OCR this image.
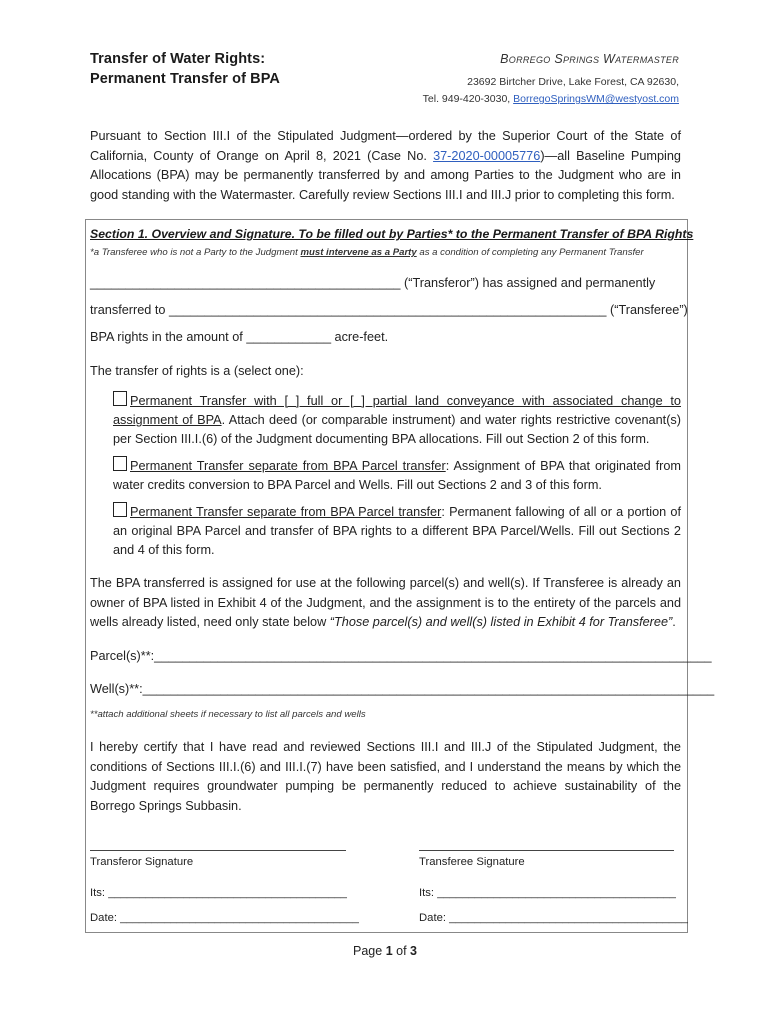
Transfer of Water Rights:
Permanent Transfer of BPA
Borrego Springs Watermaster
23692 Birtcher Drive, Lake Forest, CA 92630,
Tel. 949-420-3030, BorregoSpringsWM@westyost.com
Pursuant to Section III.I of the Stipulated Judgment—ordered by the Superior Court of the State of California, County of Orange on April 8, 2021 (Case No. 37-2020-00005776)—all Baseline Pumping Allocations (BPA) may be permanently transferred by and among Parties to the Judgment who are in good standing with the Watermaster. Carefully review Sections III.I and III.J prior to completing this form.
Section 1. Overview and Signature. To be filled out by Parties* to the Permanent Transfer of BPA Rights
*a Transferee who is not a Party to the Judgment must intervene as a Party as a condition of completing any Permanent Transfer
____________________________________________ (“Transferor”) has assigned and permanently
transferred to ______________________________________________________________ (“Transferee”)
BPA rights in the amount of ____________ acre-feet.
The transfer of rights is a (select one):
Permanent Transfer with [ ] full or [ ] partial land conveyance with associated change to assignment of BPA. Attach deed (or comparable instrument) and water rights restrictive covenant(s) per Section III.I.(6) of the Judgment documenting BPA allocations. Fill out Section 2 of this form.
Permanent Transfer separate from BPA Parcel transfer: Assignment of BPA that originated from water credits conversion to BPA Parcel and Wells. Fill out Sections 2 and 3 of this form.
Permanent Transfer separate from BPA Parcel transfer: Permanent fallowing of all or a portion of an original BPA Parcel and transfer of BPA rights to a different BPA Parcel/Wells. Fill out Sections 2 and 4 of this form.
The BPA transferred is assigned for use at the following parcel(s) and well(s). If Transferee is already an owner of BPA listed in Exhibit 4 of the Judgment, and the assignment is to the entirety of the parcels and wells already listed, need only state below “Those parcel(s) and well(s) listed in Exhibit 4 for Transferee”.
Parcel(s)**:_______________________________________________________________________________
Well(s)**:_________________________________________________________________________________
**attach additional sheets if necessary to list all parcels and wells
I hereby certify that I have read and reviewed Sections III.I and III.J of the Stipulated Judgment, the conditions of Sections III.I.(6) and III.I.(7) have been satisfied, and I understand the means by which the Judgment requires groundwater pumping be permanently reduced to achieve sustainability of the Borrego Springs Subbasin.
Transferor Signature	Transferee Signature
Its: ______________________________________	Its: ______________________________________
Date: ______________________________________	Date: ______________________________________
Page 1 of 3
